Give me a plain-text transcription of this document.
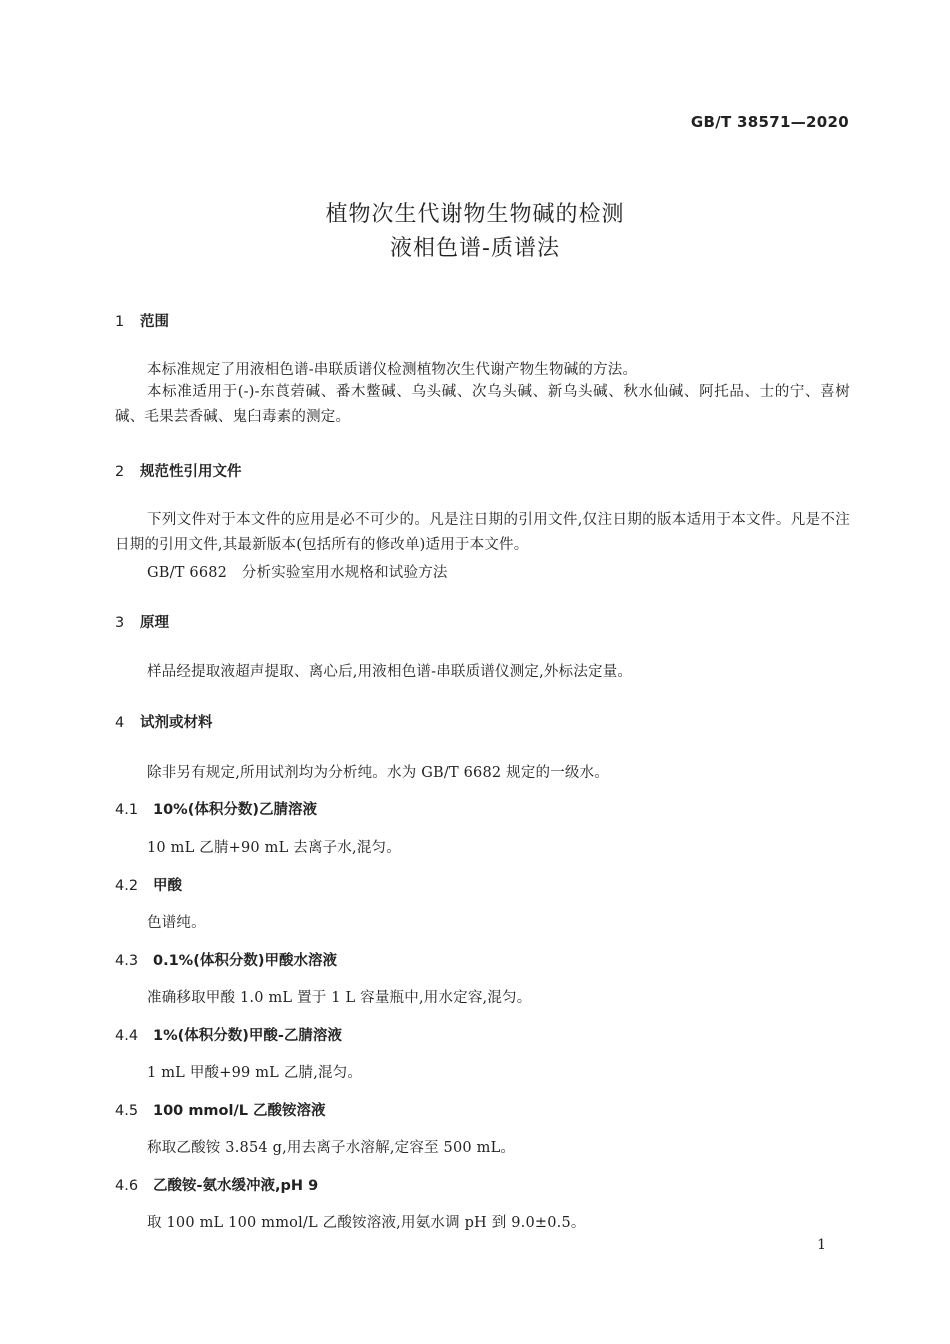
GB/T 38571—2020
植物次生代谢物生物碱的检测
液相色谱-质谱法
1 范围
本标准规定了用液相色谱-串联质谱仪检测植物次生代谢产物生物碱的方法。
本标准适用于(-)-东莨菪碱、番木鳖碱、乌头碱、次乌头碱、新乌头碱、秋水仙碱、阿托品、士的宁、喜树碱、毛果芸香碱、鬼臼毒素的测定。
2 规范性引用文件
下列文件对于本文件的应用是必不可少的。凡是注日期的引用文件,仅注日期的版本适用于本文件。凡是不注日期的引用文件,其最新版本(包括所有的修改单)适用于本文件。
GB/T 6682　分析实验室用水规格和试验方法
3 原理
样品经提取液超声提取、离心后,用液相色谱-串联质谱仪测定,外标法定量。
4 试剂或材料
除非另有规定,所用试剂均为分析纯。水为 GB/T 6682 规定的一级水。
4.1 10%(体积分数)乙腈溶液
10 mL 乙腈+90 mL 去离子水,混匀。
4.2 甲酸
色谱纯。
4.3 0.1%(体积分数)甲酸水溶液
准确移取甲酸 1.0 mL 置于 1 L 容量瓶中,用水定容,混匀。
4.4 1%(体积分数)甲酸-乙腈溶液
1 mL 甲酸+99 mL 乙腈,混匀。
4.5 100 mmol/L 乙酸铵溶液
称取乙酸铵 3.854 g,用去离子水溶解,定容至 500 mL。
4.6 乙酸铵-氨水缓冲液,pH 9
取 100 mL 100 mmol/L 乙酸铵溶液,用氨水调 pH 到 9.0±0.5。
1
